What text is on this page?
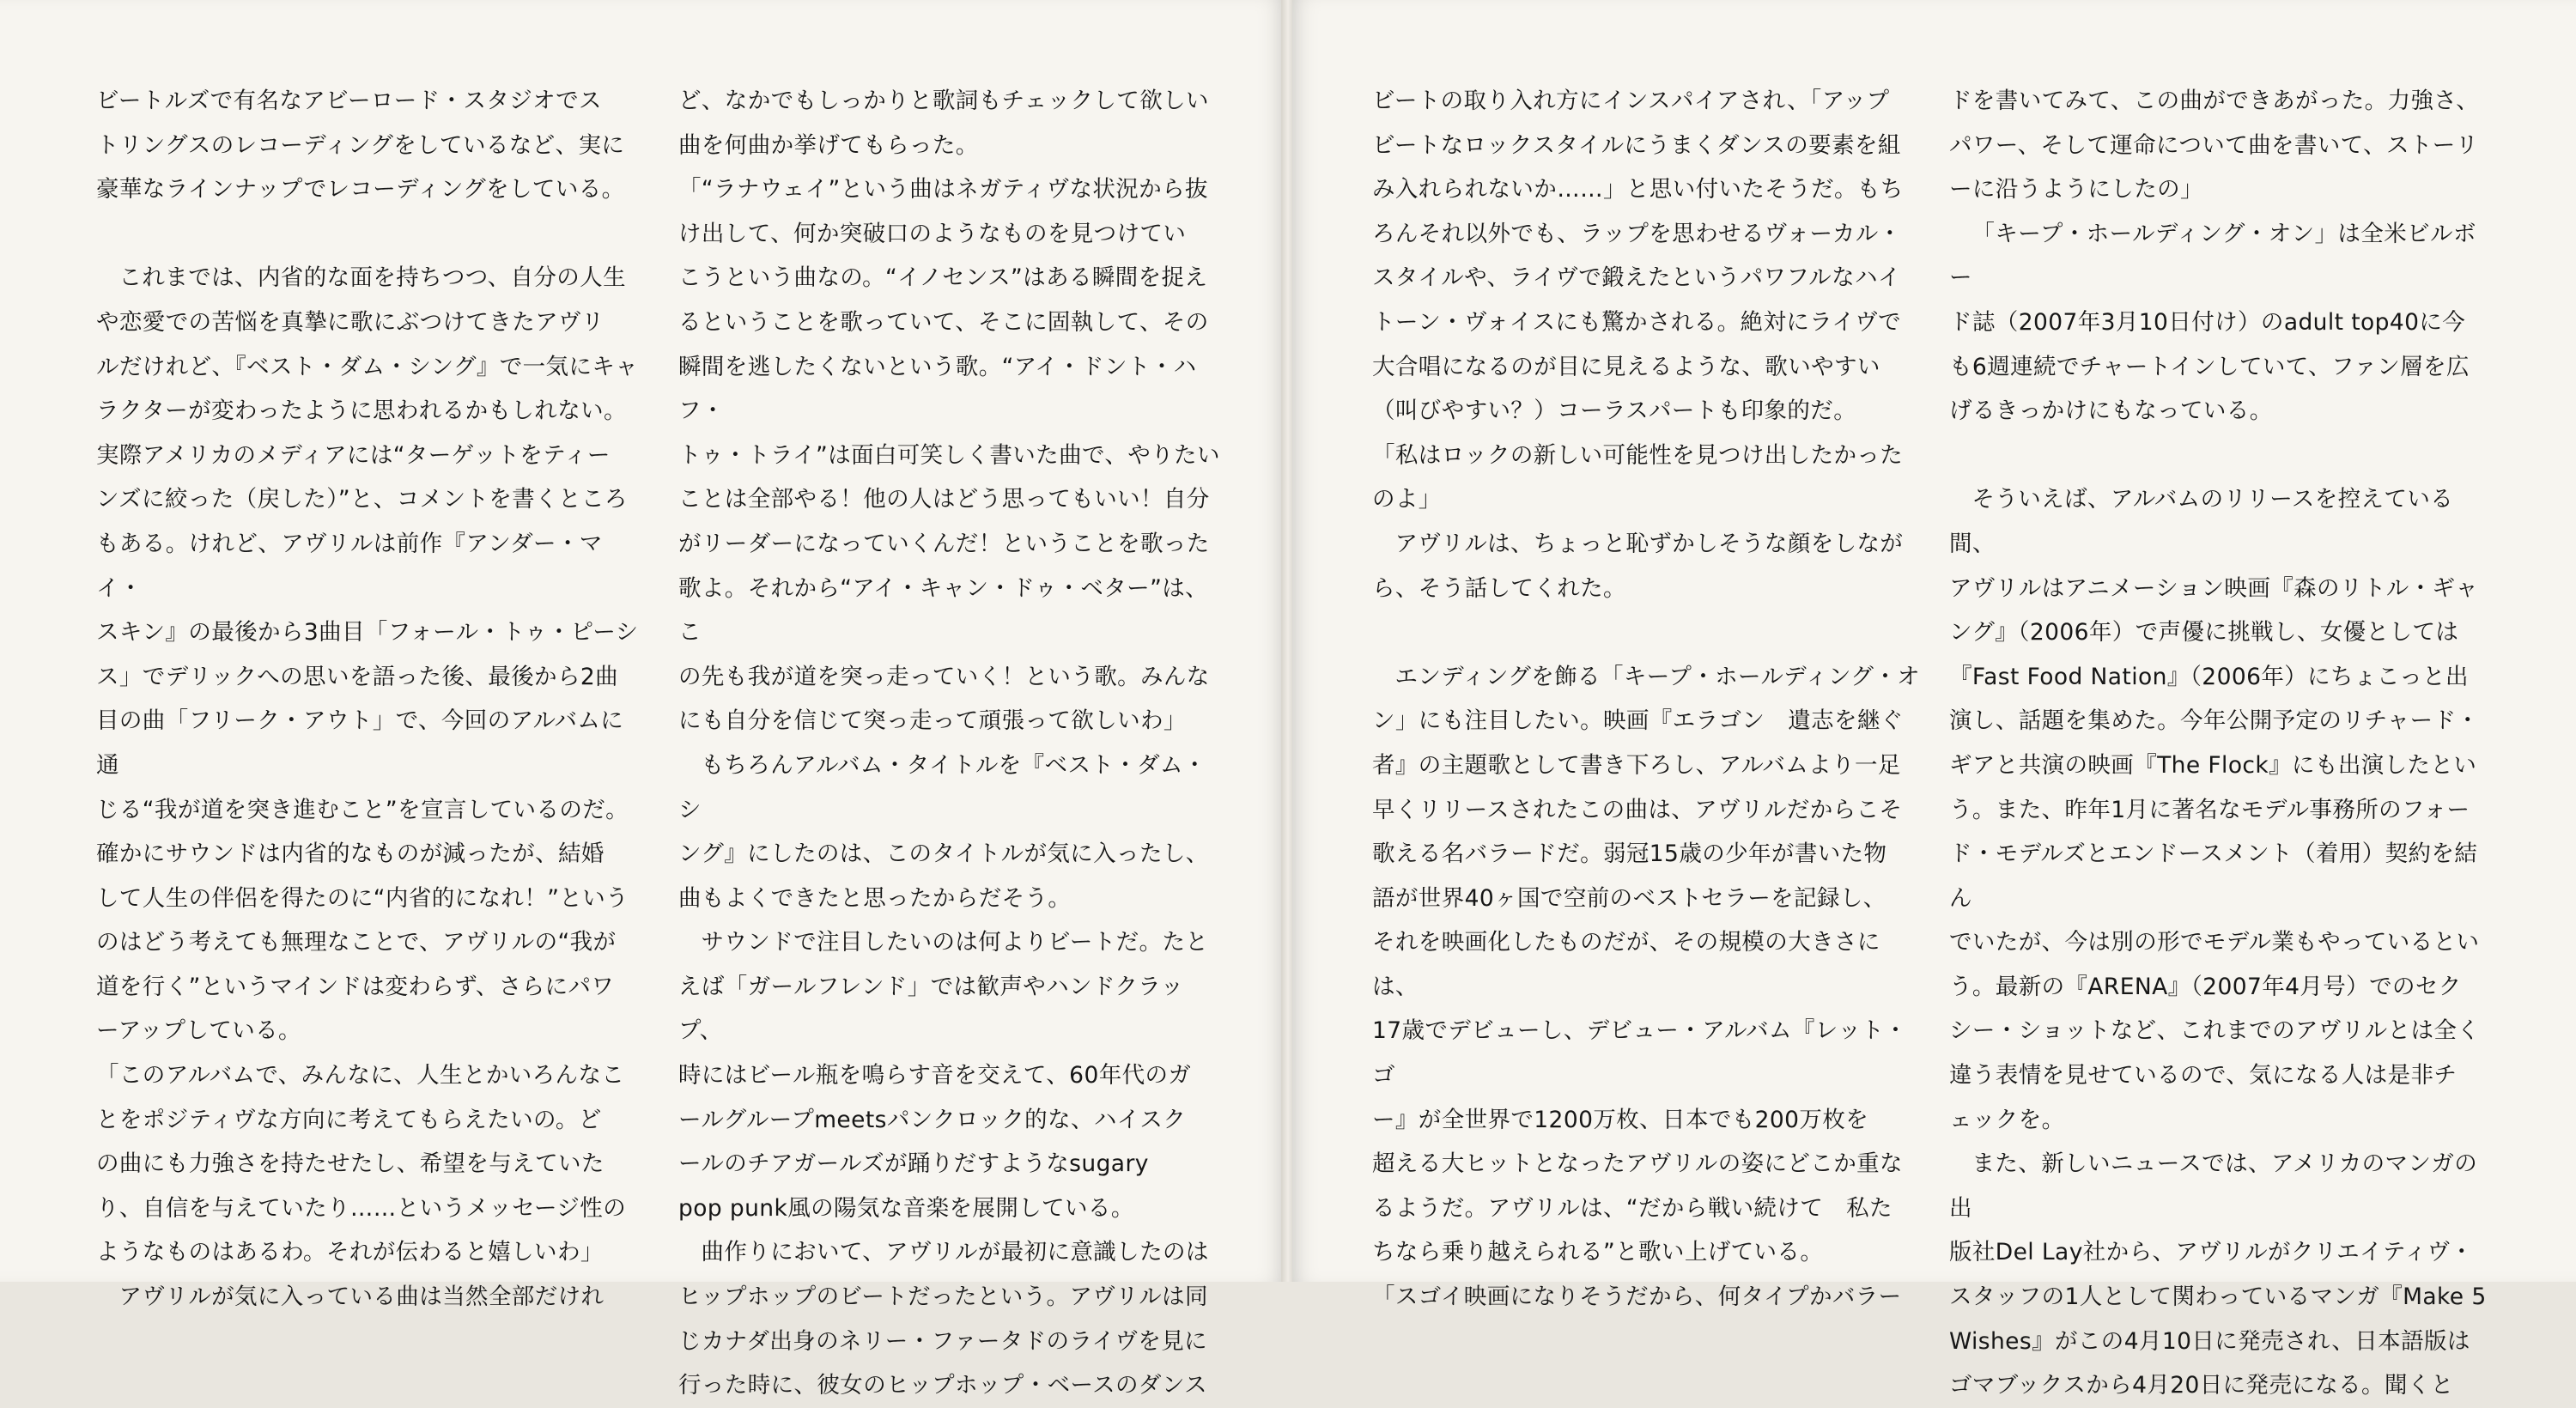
ビートルズで有名なアビーロード・スタジオでス
トリングスのレコーディングをしているなど、実に
豪華なラインナップでレコーディングをしている。

これまでは、内省的な面を持ちつつ、自分の人生
や恋愛での苦悩を真摯に歌にぶつけてきたアヴリ
ルだけれど、『ベスト・ダム・シング』で一気にキャ
ラクターが変わったように思われるかもしれない。
実際アメリカのメディアには“ターゲットをティー
ンズに絞った（戻した）”と、コメントを書くところ
もある。けれど、アヴリルは前作『アンダー・マイ・
スキン』の最後から3曲目「フォール・トゥ・ピーシ
ス」でデリックへの思いを語った後、最後から2曲
目の曲「フリーク・アウト」で、今回のアルバムに通
じる“我が道を突き進むこと”を宣言しているのだ。
確かにサウンドは内省的なものが減ったが、結婚
して人生の伴侶を得たのに“内省的になれ！”という
のはどう考えても無理なことで、アヴリルの“我が
道を行く”というマインドは変わらず、さらにパワ
ーアップしている。

「このアルバムで、みんなに、人生とかいろんなこ
とをポジティヴな方向に考えてもらえたいの。ど
の曲にも力強さを持たせたし、希望を与えていた
り、自信を与えていたり……というメッセージ性の
ようなものはあるわ。それが伝わると嬉しいわ」

アヴリルが気に入っている曲は当然全部だけれ

ど、なかでもしっかりと歌詞もチェックして欲しい
曲を何曲か挙げてもらった。

「“ラナウェイ”という曲はネガティヴな状況から抜
け出して、何か突破口のようなものを見つけてい
こうという曲なの。“イノセンス”はある瞬間を捉え
るということを歌っていて、そこに固執して、その
瞬間を逃したくないという歌。“アイ・ドント・ハフ・
トゥ・トライ”は面白可笑しく書いた曲で、やりたい
ことは全部やる！他の人はどう思ってもいい！自分
がリーダーになっていくんだ！ということを歌った
歌よ。それから“アイ・キャン・ドゥ・ベター”は、こ
の先も我が道を突っ走っていく！という歌。みんな
にも自分を信じて突っ走って頑張って欲しいわ」

もちろんアルバム・タイトルを『ベスト・ダム・シ
ング』にしたのは、このタイトルが気に入ったし、
曲もよくできたと思ったからだそう。

サウンドで注目したいのは何よりビートだ。たと
えば「ガールフレンド」では歓声やハンドクラップ、
時にはビール瓶を鳴らす音を交えて、60年代のガ
ールグループmeetsパンクロック的な、ハイスク
ールのチアガールズが踊りだすようなsugary
pop punk風の陽気な音楽を展開している。

曲作りにおいて、アヴリルが最初に意識したのは
ヒップホップのビートだったという。アヴリルは同
じカナダ出身のネリー・ファータドのライヴを見に
行った時に、彼女のヒップホップ・ベースのダンス

ビートの取り入れ方にインスパイアされ、「アップ
ビートなロックスタイルにうまくダンスの要素を組
み入れられないか……」と思い付いたそうだ。もち
ろんそれ以外でも、ラップを思わせるヴォーカル・
スタイルや、ライヴで鍛えたというパワフルなハイ
トーン・ヴォイスにも驚かされる。絶対にライヴで
大合唱になるのが目に見えるような、歌いやすい
（叫びやすい？）コーラスパートも印象的だ。

「私はロックの新しい可能性を見つけ出したかった
のよ」

アヴリルは、ちょっと恥ずかしそうな顔をしなが
ら、そう話してくれた。

エンディングを飾る「キープ・ホールディング・オ
ン」にも注目したい。映画『エラゴン　遺志を継ぐ
者』の主題歌として書き下ろし、アルバムより一足
早くリリースされたこの曲は、アヴリルだからこそ
歌える名バラードだ。弱冠15歳の少年が書いた物
語が世界40ヶ国で空前のベストセラーを記録し、
それを映画化したものだが、その規模の大きさには、
17歳でデビューし、デビュー・アルバム『レット・ゴ
ー』が全世界で1200万枚、日本でも200万枚を
超える大ヒットとなったアヴリルの姿にどこか重な
るようだ。アヴリルは、“だから戦い続けて　私た
ちなら乗り越えられる”と歌い上げている。

「スゴイ映画になりそうだから、何タイプかバラー

ドを書いてみて、この曲ができあがった。力強さ、
パワー、そして運命について曲を書いて、ストーリ
ーに沿うようにしたの」

「キープ・ホールディング・オン」は全米ビルボー
ド誌（2007年3月10日付け）のadult top40に今
も6週連続でチャートインしていて、ファン層を広
げるきっかけにもなっている。

そういえば、アルバムのリリースを控えている間、
アヴリルはアニメーション映画『森のリトル・ギャ
ング』（2006年）で声優に挑戦し、女優としては
『Fast Food Nation』（2006年）にちょこっと出
演し、話題を集めた。今年公開予定のリチャード・
ギアと共演の映画『The Flock』にも出演したとい
う。また、昨年1月に著名なモデル事務所のフォー
ド・モデルズとエンドースメント（着用）契約を結ん
でいたが、今は別の形でモデル業もやっているとい
う。最新の『ARENA』（2007年4月号）でのセク
シー・ショットなど、これまでのアヴリルとは全く
違う表情を見せているので、気になる人は是非チ
ェックを。

また、新しいニュースでは、アメリカのマンガの出
版社Del Lay社から、アヴリルがクリエイティヴ・
スタッフの1人として関わっているマンガ『Make 5
Wishes』がこの4月10日に発売され、日本語版は
ゴマブックスから4月20日に発売になる。聞くと
